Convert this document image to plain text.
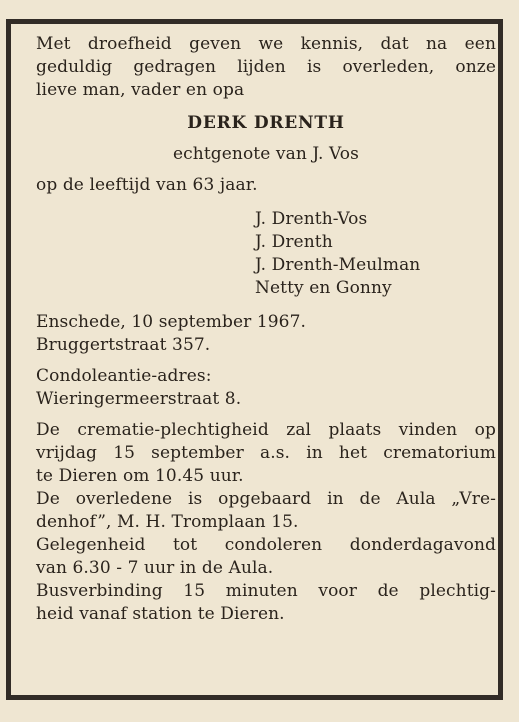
Met droefheid geven we kennis, dat na een
geduldig gedragen lijden is overleden, onze
lieve man, vader en opa
DERK DRENTH
echtgenote van J. Vos
op de leeftijd van 63 jaar.
J. Drenth-Vos
J. Drenth
J. Drenth-Meulman
Netty en Gonny
Enschede, 10 september 1967.
Bruggertstraat 357.
Condoleantie-adres:
Wieringermeerstraat 8.
De crematie-plechtigheid zal plaats vinden op
vrijdag 15 september a.s. in het crematorium
te Dieren om 10.45 uur.
De overledene is opgebaard in de Aula „Vre-
denhof”, M. H. Tromplaan 15.
Gelegenheid tot condoleren donderdagavond
van 6.30 - 7 uur in de Aula.
Busverbinding 15 minuten voor de plechtig-
heid vanaf station te Dieren.
